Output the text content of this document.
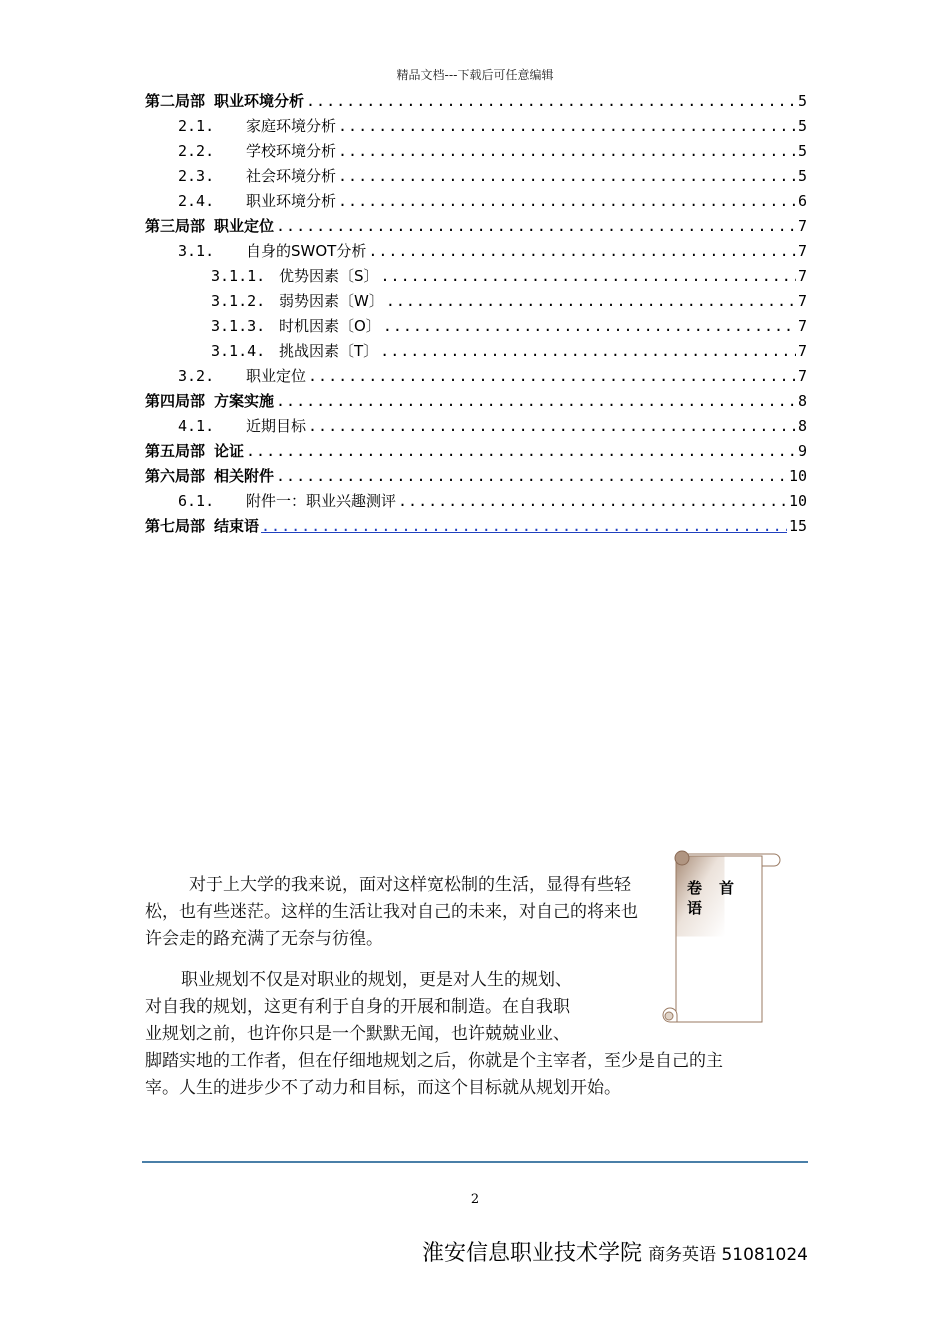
精品文档---下载后可任意编辑
第二局部 职业环境分析 .....	5
2.1.	家庭环境分析 .....	5
2.2.	学校环境分析 .....	5
2.3.	社会环境分析 .....	5
2.4.	职业环境分析 .....	6
第三局部 职业定位 .....	7
3.1.	自身的SWOT分析 .....	7
3.1.1. 优势因素〔S〕 .....	7
3.1.2. 弱势因素〔W〕 .....	7
3.1.3. 时机因素〔O〕 .....	7
3.1.4. 挑战因素〔T〕 .....	7
3.2.	职业定位 .....	7
第四局部 方案实施 .....	8
4.1.	近期目标 .....	8
第五局部 论证 .....	9
第六局部 相关附件 .....	10
6.1.	附件一：职业兴趣测评 .....	10
第七局部 结束语 .....	15
对于上大学的我来说，面对这样宽松制的生活，显得有些轻松，也有些迷茫。这样的生活让我对自己的未来，对自己的将来也许会走的路充满了无奈与彷徨。
职业规划不仅是对职业的规划，更是对人生的规划、
对自我的规划，这更有利于自身的开展和制造。在自我职
业规划之前，也许你只是一个默默无闻，也许兢兢业业、
脚踏实地的工作者，但在仔细地规划之后，你就是个主宰者，至少是自己的主
宰。人生的进步少不了动力和目标，而这个目标就从规划开始。
首
卷
语
2
淮安信息职业技术学院 商务英语 51081024
